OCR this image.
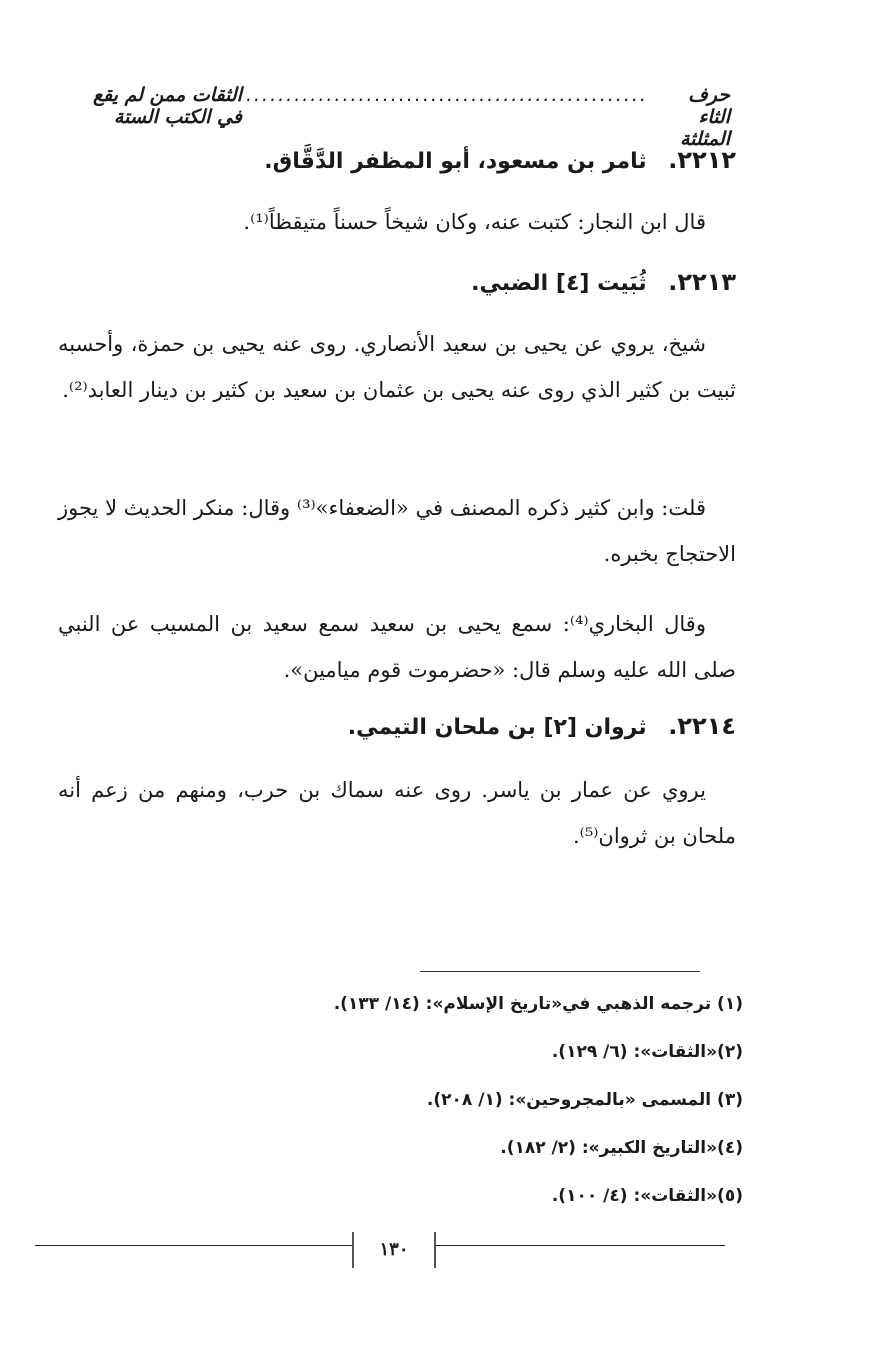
حرف الثاء المثلثة
..................................................
الثقات ممن لم يقع في الكتب الستة
٢٢١٢. ثامر بن مسعود، أبو المظفر الدَّقَّاق.
قال ابن النجار: كتبت عنه، وكان شيخاً حسناً متيقظاً⁽¹⁾.
٢٢١٣. ثُبَيت [٤] الضبي.
شيخ، يروي عن يحيى بن سعيد الأنصاري. روى عنه يحيى بن حمزة، وأحسبه ثبيت بن كثير الذي روى عنه يحيى بن عثمان بن سعيد بن كثير بن دينار العابد⁽²⁾.
قلت: وابن كثير ذكره المصنف في «الضعفاء»⁽³⁾ وقال: منكر الحديث لا يجوز الاحتجاج بخبره.
وقال البخاري⁽⁴⁾: سمع يحيى بن سعيد سمع سعيد بن المسيب عن النبي صلى الله عليه وسلم قال: «حضرموت قوم ميامين».
٢٢١٤. ثروان [٢] بن ملحان التيمي.
يروي عن عمار بن ياسر. روى عنه سماك بن حرب، ومنهم من زعم أنه ملحان بن ثروان⁽⁵⁾.
(١) ترجمه الذهبي في«تاريخ الإسلام»: (١٤/ ١٣٣).
(٢)«الثقات»: (٦/ ١٢٩).
(٣) المسمى «بالمجروحين»: (١/ ٢٠٨).
(٤)«التاريخ الكبير»: (٢/ ١٨٢).
(٥)«الثقات»: (٤/ ١٠٠).
١٣٠
